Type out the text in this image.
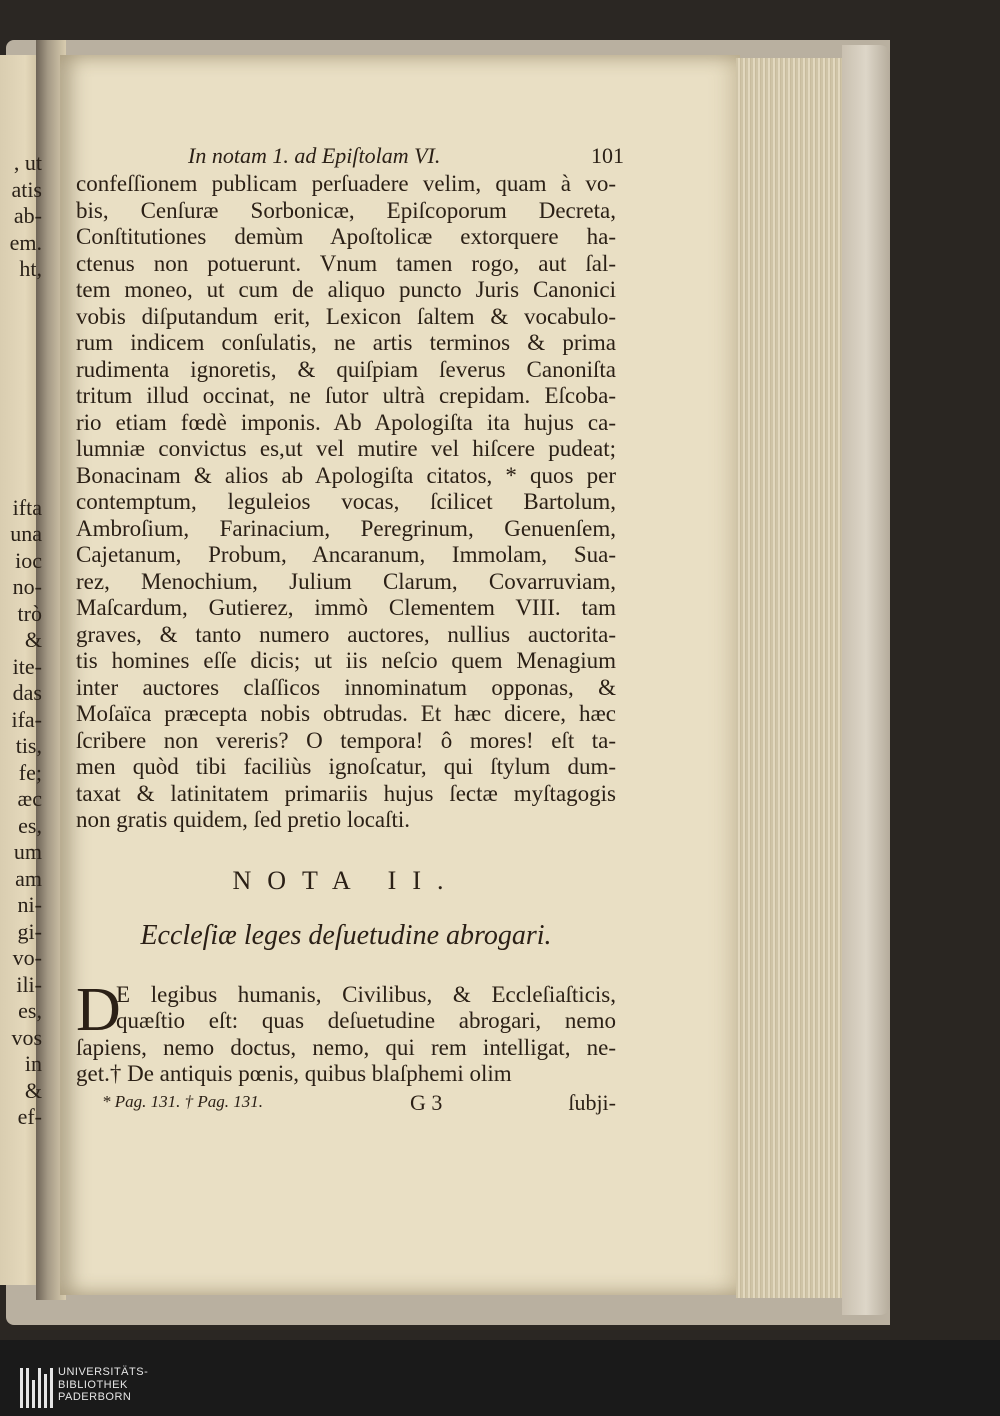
, ut
atis
ab-
em.
ht,
ifta
una
ioc
no-
trò
&
ite-
das
ifa-
tis,
fe;
æc
es,
um
am
ni-
gi-
vo-
ili-
es,
vos
in
&
ef-
In notam 1. ad Epiſtolam VI.	101
confeſſionem publicam perſuadere velim, quam à vo-
bis, Cenſuræ Sorbonicæ, Epiſcoporum Decreta,
Conſtitutiones demùm Apoſtolicæ extorquere ha-
ctenus non potuerunt. Vnum tamen rogo, aut ſal-
tem moneo, ut cum de aliquo puncto Juris Canonici
vobis diſputandum erit, Lexicon ſaltem & vocabulo-
rum indicem conſulatis, ne artis terminos & prima
rudimenta ignoretis, & quiſpiam ſeverus Canoniſta
tritum illud occinat, ne ſutor ultrà crepidam. Eſcoba-
rio etiam fœdè imponis. Ab Apologiſta ita hujus ca-
lumniæ convictus es,ut vel mutire vel hiſcere pudeat;
Bonacinam & alios ab Apologiſta citatos, * quos per
contemptum, leguleios vocas, ſcilicet Bartolum,
Ambroſium, Farinacium, Peregrinum, Genuenſem,
Cajetanum, Probum, Ancaranum, Immolam, Sua-
rez, Menochium, Julium Clarum, Covarruviam,
Maſcardum, Gutierez, immò Clementem VIII. tam
graves, & tanto numero auctores, nullius auctorita-
tis homines eſſe dicis; ut iis neſcio quem Menagium
inter auctores claſſicos innominatum opponas, &
Moſaïca præcepta nobis obtrudas. Et hæc dicere, hæc
ſcribere non vereris? O tempora! ô mores! eſt ta-
men quòd tibi faciliùs ignoſcatur, qui ſtylum dum-
taxat & latinitatem primariis hujus ſectæ myſtagogis
non gratis quidem, ſed pretio locaſti.
NOTA II.
Eccleſiæ leges deſuetudine abrogari.
D
E legibus humanis, Civilibus, & Eccleſiaſticis,
quæſtio eſt: quas deſuetudine abrogari, nemo
ſapiens, nemo doctus, nemo, qui rem intelligat, ne-
get.† De antiquis pœnis, quibus blaſphemi olim
* Pag. 131. † Pag. 131.	G 3	ſubji-
UNIVERSITÄTS-
BIBLIOTHEK
PADERBORN
